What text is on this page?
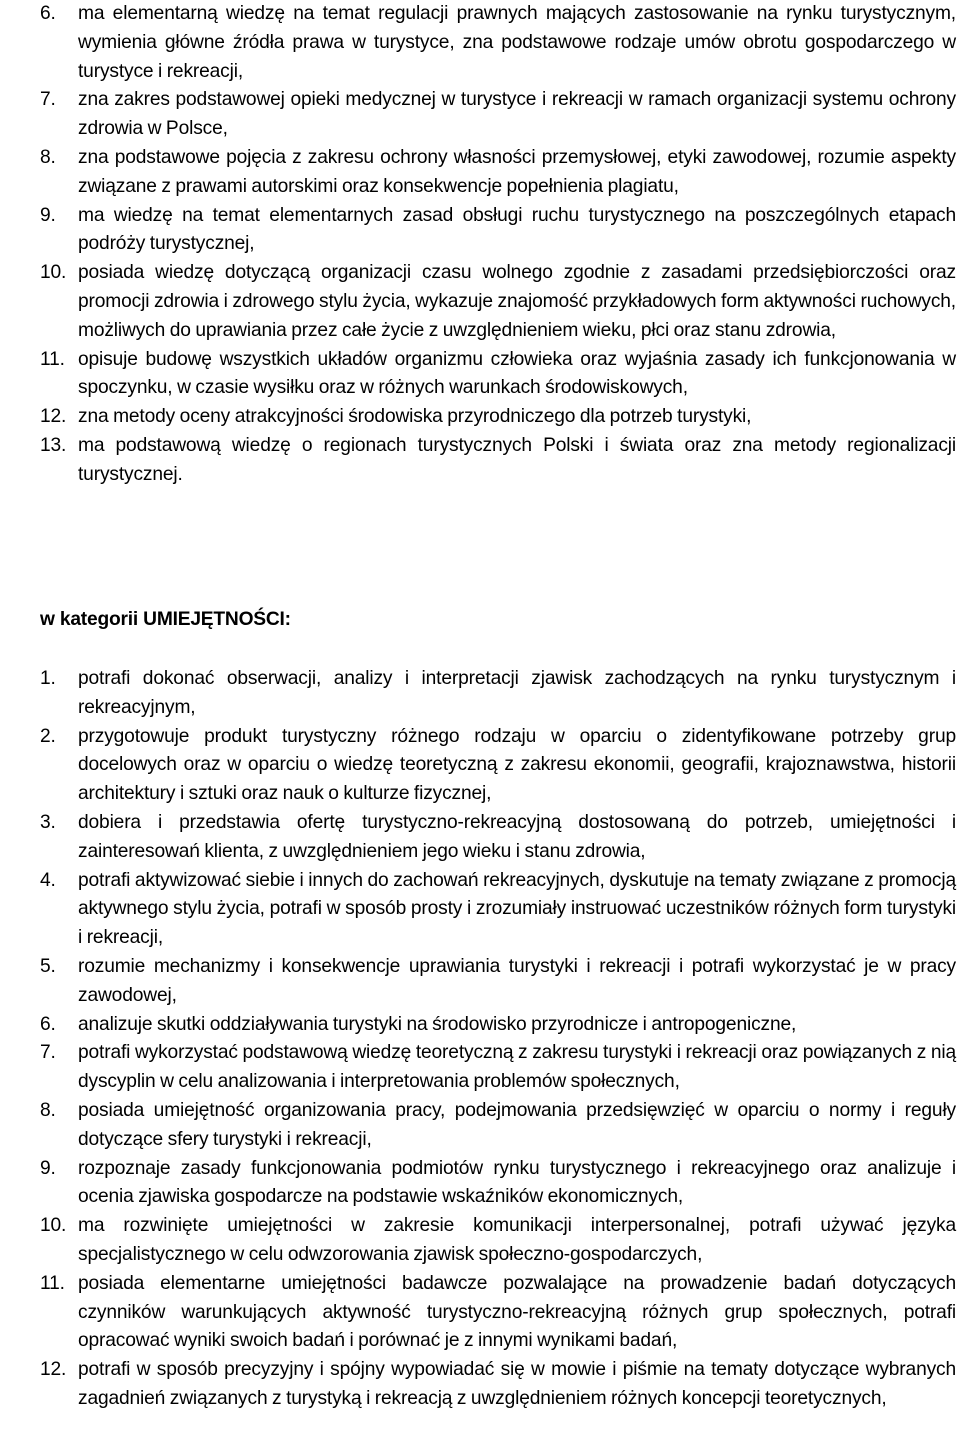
6. ma elementarną wiedzę na temat regulacji prawnych mających zastosowanie na rynku turystycznym, wymienia główne źródła prawa w turystyce, zna podstawowe rodzaje umów obrotu gospodarczego w turystyce i rekreacji,
7. zna zakres podstawowej opieki medycznej w turystyce i rekreacji w ramach organizacji systemu ochrony zdrowia w Polsce,
8. zna podstawowe pojęcia z zakresu ochrony własności przemysłowej, etyki zawodowej, rozumie aspekty związane z prawami autorskimi oraz konsekwencje popełnienia plagiatu,
9. ma wiedzę na temat elementarnych zasad obsługi ruchu turystycznego na poszczególnych etapach podróży turystycznej,
10. posiada wiedzę dotyczącą organizacji czasu wolnego zgodnie z zasadami przedsiębiorczości oraz promocji zdrowia i zdrowego stylu życia, wykazuje znajomość przykładowych form aktywności ruchowych, możliwych do uprawiania przez całe życie z uwzględnieniem wieku, płci oraz stanu zdrowia,
11. opisuje budowę wszystkich układów organizmu człowieka oraz wyjaśnia zasady ich funkcjonowania w spoczynku, w czasie wysiłku oraz w różnych warunkach środowiskowych,
12. zna metody oceny atrakcyjności środowiska przyrodniczego dla potrzeb turystyki,
13. ma podstawową wiedzę o regionach turystycznych Polski i świata oraz zna metody regionalizacji turystycznej.
w kategorii UMIEJĘTNOŚCI:
1. potrafi dokonać obserwacji, analizy i interpretacji zjawisk zachodzących na rynku turystycznym i rekreacyjnym,
2. przygotowuje produkt turystyczny różnego rodzaju w oparciu o zidentyfikowane potrzeby grup docelowych oraz w oparciu o wiedzę teoretyczną z zakresu ekonomii, geografii, krajoznawstwa, historii architektury i sztuki oraz nauk o kulturze fizycznej,
3. dobiera i przedstawia ofertę turystyczno-rekreacyjną dostosowaną do potrzeb, umiejętności i zainteresowań klienta, z uwzględnieniem jego wieku i stanu zdrowia,
4. potrafi aktywizować siebie i innych do zachowań rekreacyjnych, dyskutuje na tematy związane z promocją aktywnego stylu życia, potrafi w sposób prosty i zrozumiały instruować uczestników różnych form turystyki i rekreacji,
5. rozumie mechanizmy i konsekwencje uprawiania turystyki i rekreacji i potrafi wykorzystać je w pracy zawodowej,
6. analizuje skutki oddziaływania turystyki na środowisko przyrodnicze i antropogeniczne,
7. potrafi wykorzystać podstawową wiedzę teoretyczną z zakresu turystyki i rekreacji oraz powiązanych z nią dyscyplin w celu analizowania i interpretowania problemów społecznych,
8. posiada umiejętność organizowania pracy, podejmowania przedsięwzięć w oparciu o normy i reguły dotyczące sfery turystyki i rekreacji,
9. rozpoznaje zasady funkcjonowania podmiotów rynku turystycznego i rekreacyjnego oraz analizuje i ocenia zjawiska gospodarcze na podstawie wskaźników ekonomicznych,
10. ma rozwinięte umiejętności w zakresie komunikacji interpersonalnej, potrafi używać języka specjalistycznego w celu odwzorowania zjawisk społeczno-gospodarczych,
11. posiada elementarne umiejętności badawcze pozwalające na prowadzenie badań dotyczących czynników warunkujących aktywność turystyczno-rekreacyjną różnych grup społecznych, potrafi opracować wyniki swoich badań i porównać je z innymi wynikami badań,
12. potrafi w sposób precyzyjny i spójny wypowiadać się w mowie i piśmie na tematy dotyczące wybranych zagadnień związanych z turystyką i rekreacją z uwzględnieniem różnych koncepcji teoretycznych,
